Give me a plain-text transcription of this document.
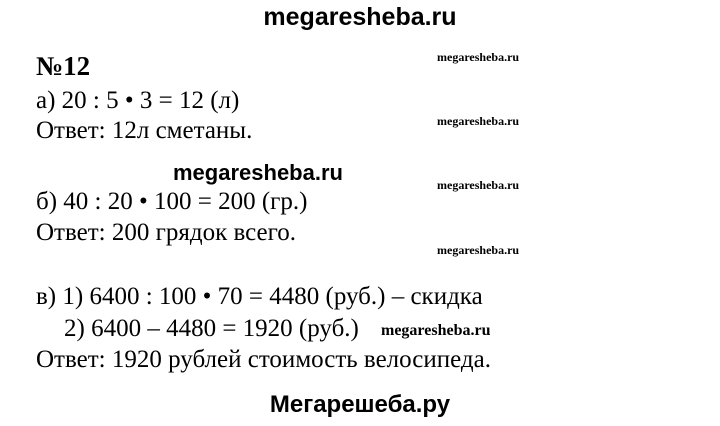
megaresheba.ru
№12	megaresheba.ru
а) 20 : 5 • 3 = 12 (л)
Ответ: 12л сметаны.	megaresheba.ru
megaresheba.ru	megaresheba.ru
б) 40 : 20 • 100 = 200 (гр.)
Ответ: 200 грядок всего.
megaresheba.ru
в) 1) 6400 : 100 • 70 = 4480 (руб.) – скидка
2) 6400 – 4480 = 1920 (руб.) megaresheba.ru
Ответ: 1920 рублей стоимость велосипеда.
Мегарешеба.ру
